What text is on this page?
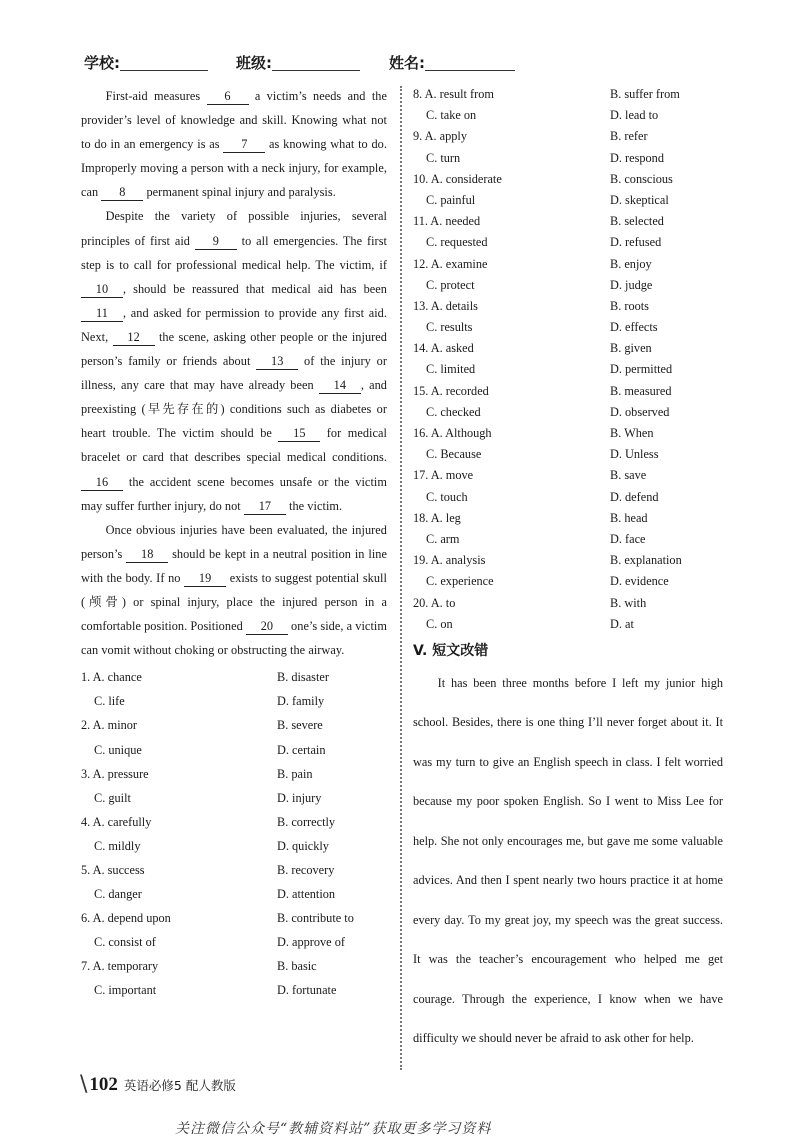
学校:	班级:	姓名:

First-aid measures 6 a victim’s needs and the provider’s level of knowledge and skill. Knowing what not to do in an emergency is as 7 as knowing what to do. Improperly moving a person with a neck injury, for example, can 8 permanent spinal injury and paralysis.

Despite the variety of possible injuries, several principles of first aid 9 to all emergencies. The first step is to call for professional medical help. The victim, if 10 , should be reassured that medical aid has been 11 , and asked for permission to provide any first aid. Next, 12 the scene, asking other people or the injured person’s family or friends about 13 of the injury or illness, any care that may have already been 14 , and preexisting (早先存在的) conditions such as diabetes or heart trouble. The victim should be 15 for medical bracelet or card that describes special medical conditions. 16 the accident scene becomes unsafe or the victim may suffer further injury, do not 17 the victim.

Once obvious injuries have been evaluated, the injured person’s 18 should be kept in a neutral position in line with the body. If no 19 exists to suggest potential skull (颅骨) or spinal injury, place the injured person in a comfortable position. Positioned 20 one’s side, a victim can vomit without choking or obstructing the airway.

1. A. chance	B. disaster
C. life	D. family
2. A. minor	B. severe
C. unique	D. certain
3. A. pressure	B. pain
C. guilt	D. injury
4. A. carefully	B. correctly
C. mildly	D. quickly
5. A. success	B. recovery
C. danger	D. attention
6. A. depend upon	B. contribute to
C. consist of	D. approve of
7. A. temporary	B. basic
C. important	D. fortunate
8. A. result from	B. suffer from
C. take on	D. lead to
9. A. apply	B. refer
C. turn	D. respond
10. A. considerate	B. conscious
C. painful	D. skeptical
11. A. needed	B. selected
C. requested	D. refused
12. A. examine	B. enjoy
C. protect	D. judge
13. A. details	B. roots
C. results	D. effects
14. A. asked	B. given
C. limited	D. permitted
15. A. recorded	B. measured
C. checked	D. observed
16. A. Although	B. When
C. Because	D. Unless
17. A. move	B. save
C. touch	D. defend
18. A. leg	B. head
C. arm	D. face
19. A. analysis	B. explanation
C. experience	D. evidence
20. A. to	B. with
C. on	D. at
V. 短文改错

It has been three months before I left my junior high school. Besides, there is one thing I’ll never forget about it. It was my turn to give an English speech in class. I felt worried because my poor spoken English. So I went to Miss Lee for help. She not only encourages me, but gave me some valuable advices. And then I spent nearly two hours practice it at home every day. To my great joy, my speech was the great success. It was the teacher’s encouragement who helped me get courage. Through the experience, I know when we have difficulty we should never be afraid to ask other for help.

\ 102 英语必修5 配人教版
关注微信公众号“教辅资料站”获取更多学习资料
